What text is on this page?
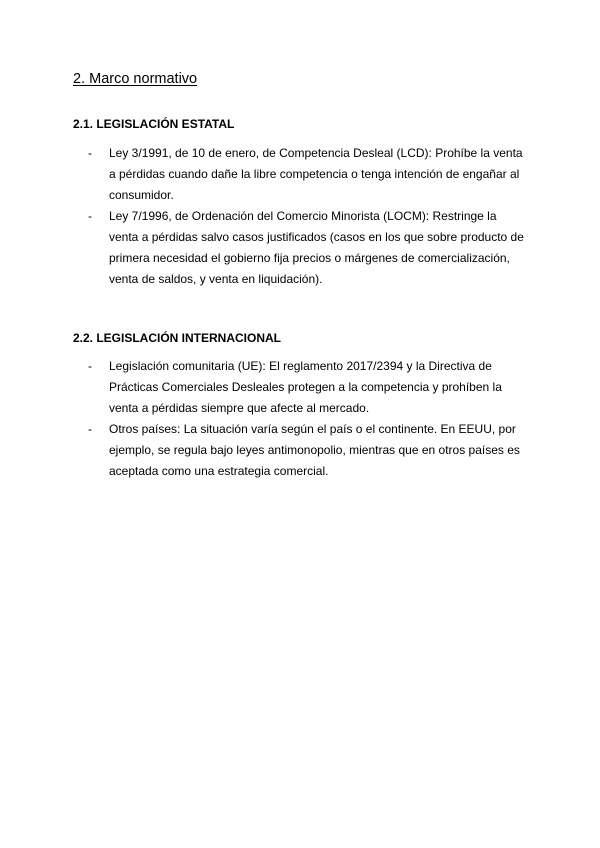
2. Marco normativo
2.1. LEGISLACIÓN ESTATAL
- Ley 3/1991, de 10 de enero, de Competencia Desleal (LCD): Prohíbe la venta
a pérdidas cuando dañe la libre competencia o tenga intención de engañar al
consumidor.
- Ley 7/1996, de Ordenación del Comercio Minorista (LOCM): Restringe la
venta a pérdidas salvo casos justificados (casos en los que sobre producto de
primera necesidad el gobierno fija precios o márgenes de comercialización,
venta de saldos, y venta en liquidación).
2.2. LEGISLACIÓN INTERNACIONAL
- Legislación comunitaria (UE): El reglamento 2017/2394 y la Directiva de
Prácticas Comerciales Desleales protegen a la competencia y prohíben la
venta a pérdidas siempre que afecte al mercado.
- Otros países: La situación varía según el país o el continente. En EEUU, por
ejemplo, se regula bajo leyes antimonopolio, mientras que en otros países es
aceptada como una estrategia comercial.
